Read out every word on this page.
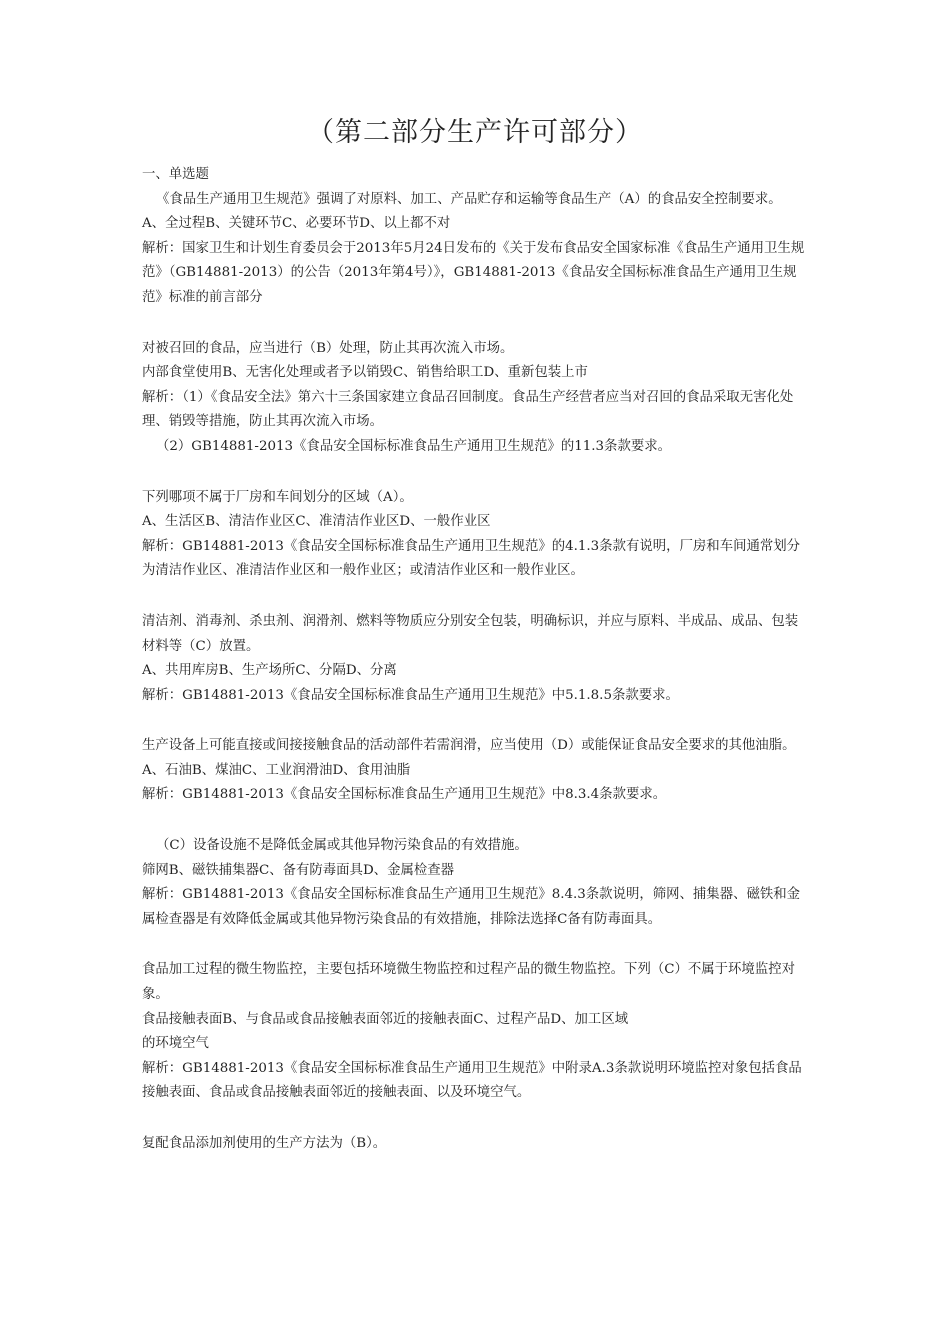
（第二部分生产许可部分）

一、单选题

《食品生产通用卫生规范》强调了对原料、加工、产品贮存和运输等食品生产（A）的食品安全控制要求。

A、全过程B、关键环节C、必要环节D、以上都不对

解析：国家卫生和计划生育委员会于2013年5月24日发布的《关于发布食品安全国家标准《食品生产通用卫生规范》（GB14881-2013）的公告（2013年第4号）》，GB14881-2013《食品安全国标标准食品生产通用卫生规范》标准的前言部分

对被召回的食品，应当进行（B）处理，防止其再次流入市场。

内部食堂使用B、无害化处理或者予以销毁C、销售给职工D、重新包装上市

解析：（1）《食品安全法》第六十三条国家建立食品召回制度。食品生产经营者应当对召回的食品采取无害化处理、销毁等措施，防止其再次流入市场。

（2）GB14881-2013《食品安全国标标准食品生产通用卫生规范》的11.3条款要求。

下列哪项不属于厂房和车间划分的区域（A）。

A、生活区B、清洁作业区C、准清洁作业区D、一般作业区

解析：GB14881-2013《食品安全国标标准食品生产通用卫生规范》的4.1.3条款有说明，厂房和车间通常划分为清洁作业区、准清洁作业区和一般作业区；或清洁作业区和一般作业区。

清洁剂、消毒剂、杀虫剂、润滑剂、燃料等物质应分别安全包装，明确标识，并应与原料、半成品、成品、包装材料等（C）放置。

A、共用库房B、生产场所C、分隔D、分离

解析：GB14881-2013《食品安全国标标准食品生产通用卫生规范》中5.1.8.5条款要求。

生产设备上可能直接或间接接触食品的活动部件若需润滑，应当使用（D）或能保证食品安全要求的其他油脂。

A、石油B、煤油C、工业润滑油D、食用油脂

解析：GB14881-2013《食品安全国标标准食品生产通用卫生规范》中8.3.4条款要求。

（C）设备设施不是降低金属或其他异物污染食品的有效措施。

筛网B、磁铁捕集器C、备有防毒面具D、金属检查器

解析：GB14881-2013《食品安全国标标准食品生产通用卫生规范》8.4.3条款说明，筛网、捕集器、磁铁和金属检查器是有效降低金属或其他异物污染食品的有效措施，排除法选择C备有防毒面具。

食品加工过程的微生物监控，主要包括环境微生物监控和过程产品的微生物监控。下列（C）不属于环境监控对象。

食品接触表面B、与食品或食品接触表面邻近的接触表面C、过程产品D、加工区域

的环境空气

解析：GB14881-2013《食品安全国标标准食品生产通用卫生规范》中附录A.3条款说明环境监控对象包括食品接触表面、食品或食品接触表面邻近的接触表面、以及环境空气。

复配食品添加剂使用的生产方法为（B）。
